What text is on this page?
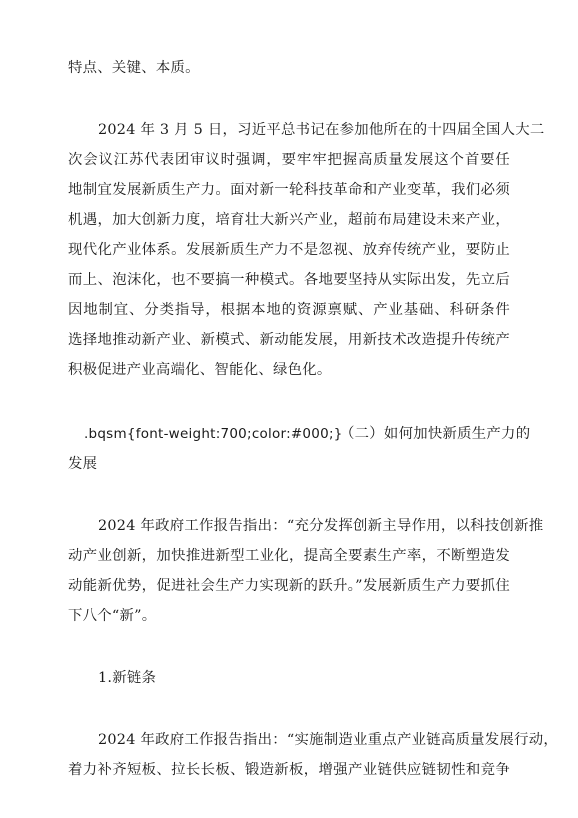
特点、关键、本质。
2024 年 3 月 5 日，习近平总书记在参加他所在的十四届全国人大二
次会议江苏代表团审议时强调，要牢牢把握高质量发展这个首要任
地制宜发展新质生产力。面对新一轮科技革命和产业变革，我们必须
机遇，加大创新力度，培育壮大新兴产业，超前布局建设未来产业，
现代化产业体系。发展新质生产力不是忽视、放弃传统产业，要防止
而上、泡沫化，也不要搞一种模式。各地要坚持从实际出发，先立后
因地制宜、分类指导，根据本地的资源禀赋、产业基础、科研条件
选择地推动新产业、新模式、新动能发展，用新技术改造提升传统产
积极促进产业高端化、智能化、绿色化。
.bqsm{font-weight:700;color:#000;}
（二）如何加快新质生产力的
发展
2024 年政府工作报告指出：“充分发挥创新主导作用，以科技创新推
动产业创新，加快推进新型工业化，提高全要素生产率，不断塑造发
动能新优势，促进社会生产力实现新的跃升。”发展新质生产力要抓住
下八个“新”。
1.新链条
2024 年政府工作报告指出：“实施制造业重点产业链高质量发展行动，
着力补齐短板、拉长长板、锻造新板，增强产业链供应链韧性和竞争
